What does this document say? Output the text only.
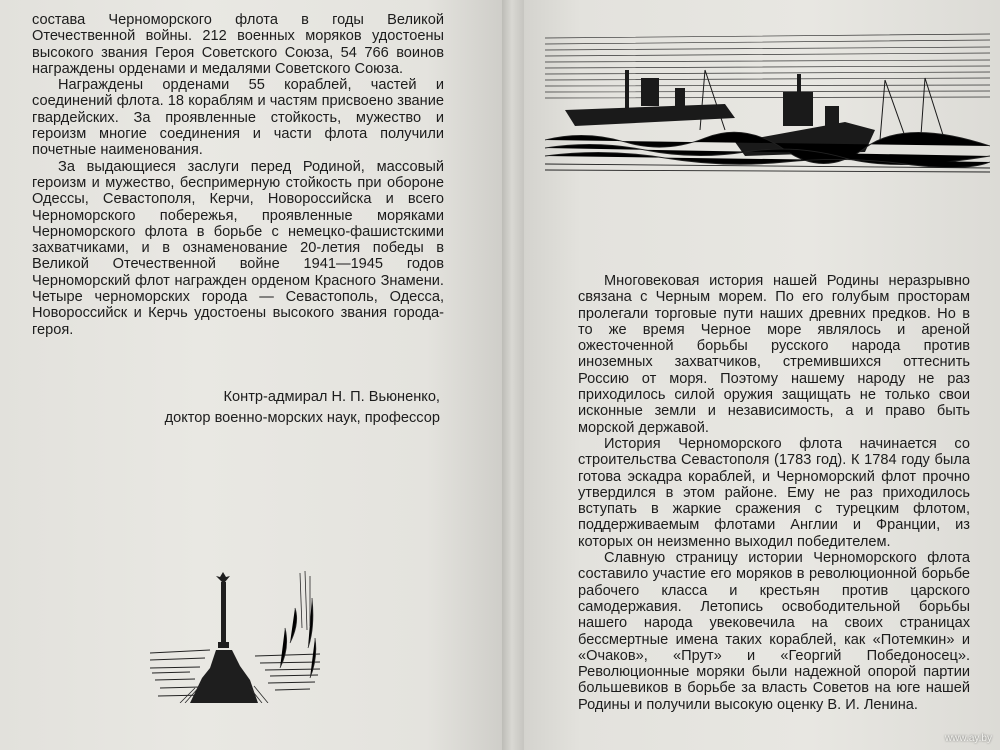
состава Черноморского флота в годы Великой Отечественной войны. 212 военных моряков удостоены высокого звания Героя Советского Союза, 54 766 воинов награждены орденами и медалями Советского Союза.

Награждены орденами 55 кораблей, частей и соединений флота. 18 кораблям и частям присвоено звание гвардейских. За проявленные стойкость, мужество и героизм многие соединения и части флота получили почетные наименования.

За выдающиеся заслуги перед Родиной, массовый героизм и мужество, беспримерную стойкость при обороне Одессы, Севастополя, Керчи, Новороссийска и всего Черноморского побережья, проявленные моряками Черноморского флота в борьбе с немецко-фашистскими захватчиками, и в ознаменование 20-летия победы в Великой Отечественной войне 1941—1945 годов Черноморский флот награжден орденом Красного Знамени. Четыре черноморских города — Севастополь, Одесса, Новороссийск и Керчь удостоены высокого звания города-героя.

Контр-адмирал Н. П. Вьюненко,
доктор военно-морских наук, профессор

Многовековая история нашей Родины неразрывно связана с Черным морем. По его голубым просторам пролегали торговые пути наших древних предков. Но в то же время Черное море являлось и ареной ожесточенной борьбы русского народа против иноземных захватчиков, стремившихся оттеснить Россию от моря. Поэтому нашему народу не раз приходилось силой оружия защищать не только свои исконные земли и независимость, а и право быть морской державой.

История Черноморского флота начинается со строительства Севастополя (1783 год). К 1784 году была готова эскадра кораблей, и Черноморский флот прочно утвердился в этом районе. Ему не раз приходилось вступать в жаркие сражения с турецким флотом, поддерживаемым флотами Англии и Франции, из которых он неизменно выходил победителем.

Славную страницу истории Черноморского флота составило участие его моряков в революционной борьбе рабочего класса и крестьян против царского самодержавия. Летопись освободительной борьбы нашего народа увековечила на своих страницах бессмертные имена таких кораблей, как «Потемкин» и «Очаков», «Прут» и «Георгий Победоносец». Революционные моряки были надежной опорой партии большевиков в борьбе за власть Советов на юге нашей Родины и получили высокую оценку В. И. Ленина.

www.ay.by
